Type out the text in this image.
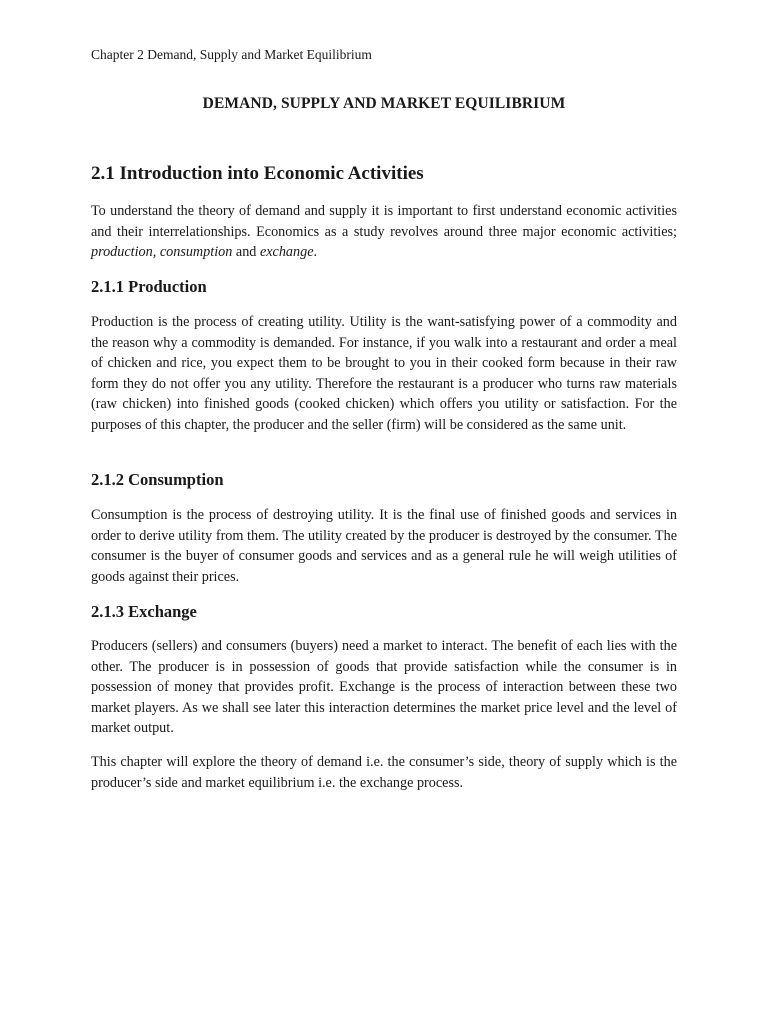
Chapter 2 Demand, Supply and Market Equilibrium
DEMAND, SUPPLY AND MARKET EQUILIBRIUM
2.1 Introduction into Economic Activities

To understand the theory of demand and supply it is important to first understand economic activities and their interrelationships. Economics as a study revolves around three major economic activities; production, consumption and exchange.

2.1.1 Production

Production is the process of creating utility. Utility is the want-satisfying power of a commodity and the reason why a commodity is demanded. For instance, if you walk into a restaurant and order a meal of chicken and rice, you expect them to be brought to you in their cooked form because in their raw form they do not offer you any utility. Therefore the restaurant is a producer who turns raw materials (raw chicken) into finished goods (cooked chicken) which offers you utility or satisfaction. For the purposes of this chapter, the producer and the seller (firm) will be considered as the same unit.

2.1.2 Consumption

Consumption is the process of destroying utility. It is the final use of finished goods and services in order to derive utility from them. The utility created by the producer is destroyed by the consumer. The consumer is the buyer of consumer goods and services and as a general rule he will weigh utilities of goods against their prices.

2.1.3 Exchange

Producers (sellers) and consumers (buyers) need a market to interact. The benefit of each lies with the other. The producer is in possession of goods that provide satisfaction while the consumer is in possession of money that provides profit. Exchange is the process of interaction between these two market players. As we shall see later this interaction determines the market price level and the level of market output.

This chapter will explore the theory of demand i.e. the consumer’s side, theory of supply which is the producer’s side and market equilibrium i.e. the exchange process.
